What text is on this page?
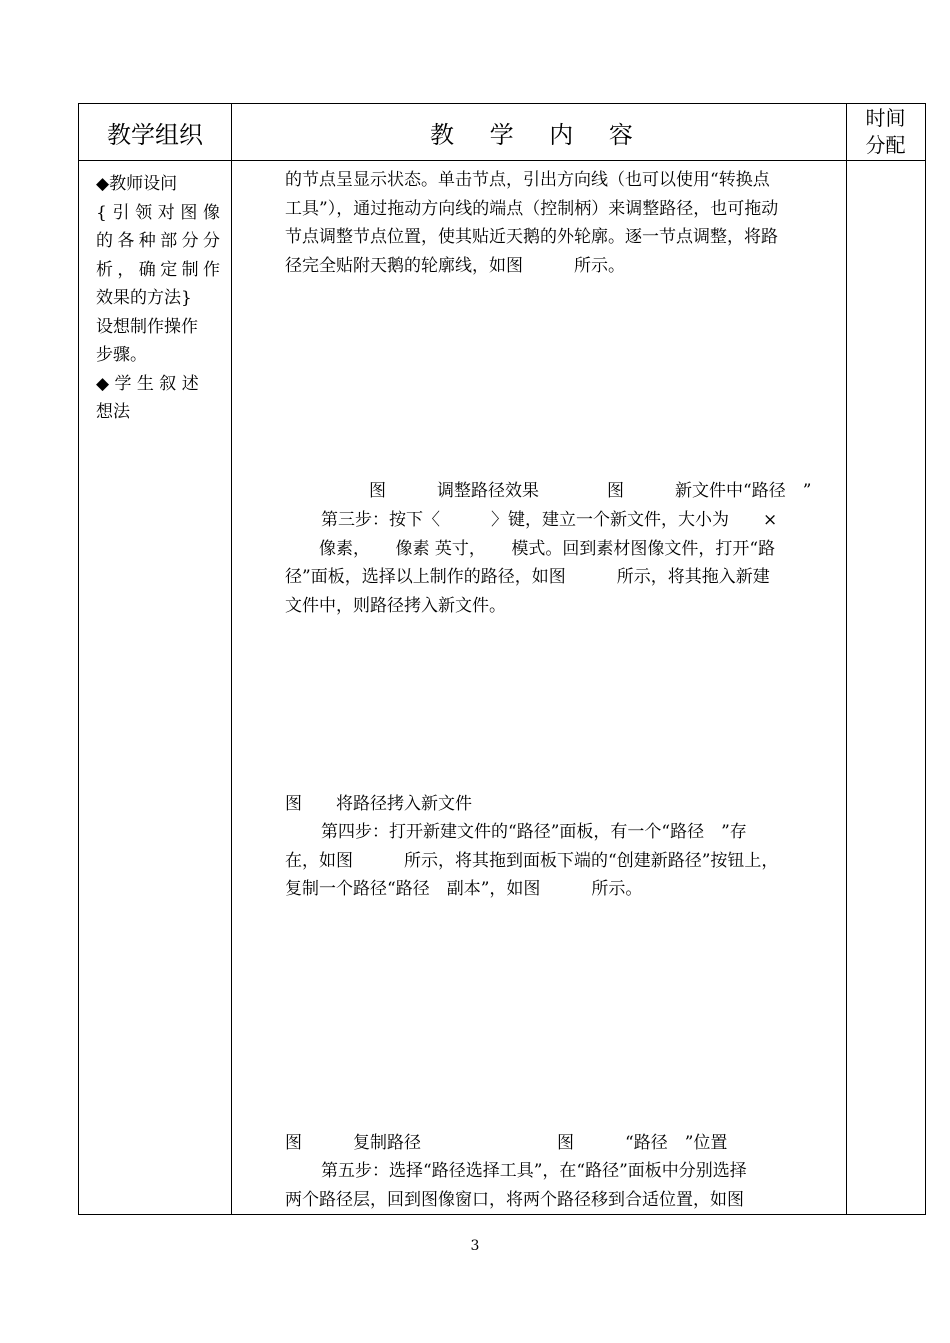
教学组织	教 学 内 容
时间
分配

◆教师设问

{引领对图像

的各种部分分

析，确定制作

效果的方法}

设想制作操作

步骤。

◆ 学 生 叙 述

想法

的节点呈显示状态。单击节点，引出方向线（也可以使用“转换点

工具”），通过拖动方向线的端点（控制柄）来调整路径，也可拖动

节点调整节点位置，使其贴近天鹅的外轮廓。逐一节点调整，将路

径完全贴附天鹅的轮廓线，如图　　　所示。

图　　　调整路径效果　　　　图　　　新文件中“路径　”

第三步：按下〈　　　〉键，建立一个新文件，大小为　　×

　　像素，　　像素 英寸，　　模式。回到素材图像文件，打开“路

径”面板，选择以上制作的路径，如图　　　所示，将其拖入新建

文件中，则路径拷入新文件。

图　　将路径拷入新文件

第四步：打开新建文件的“路径”面板，有一个“路径　”存

在，如图　　　所示，将其拖到面板下端的“创建新路径”按钮上，

复制一个路径“路径　副本”，如图　　　所示。

图　　　复制路径　　　　　　　　图　　　“路径　”位置

第五步：选择“路径选择工具”，在“路径”面板中分别选择

两个路径层，回到图像窗口，将两个路径移到合适位置，如图

3
